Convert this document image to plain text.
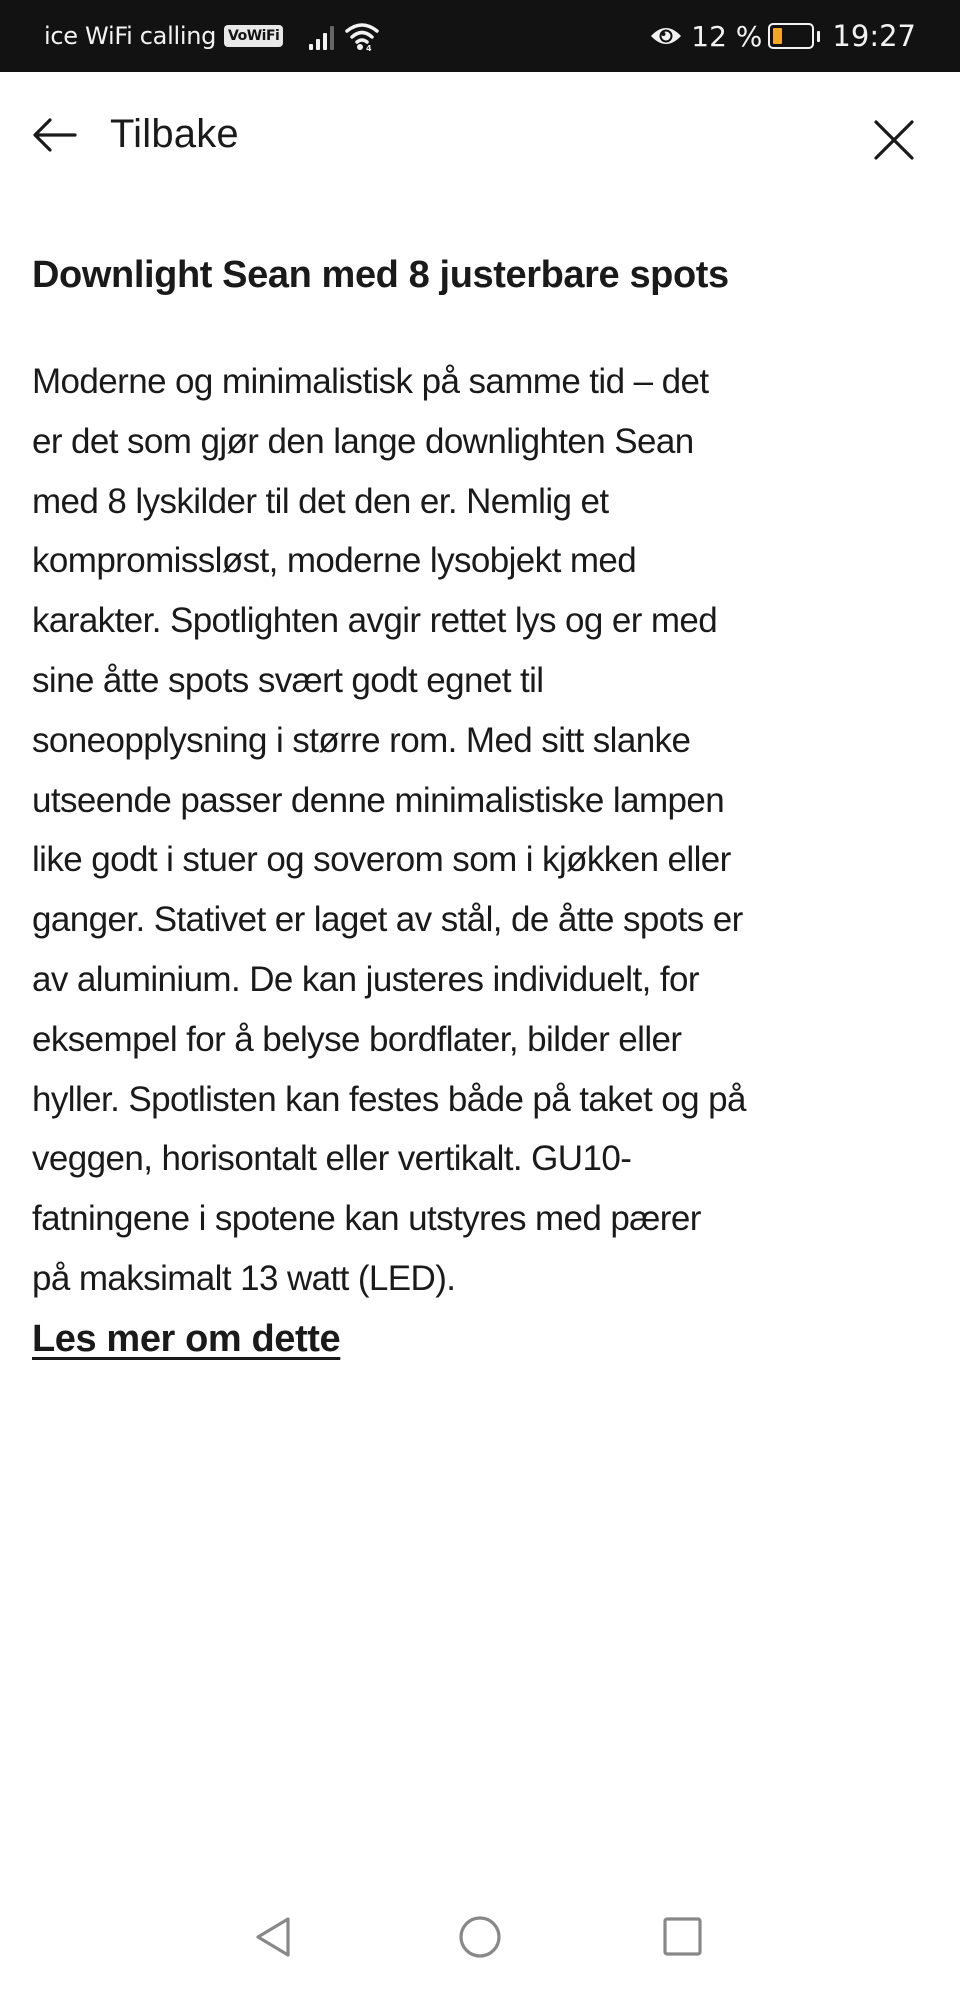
ice WiFi calling VoWiFi
4	12 % 19:27
Tilbake
Downlight Sean med 8 justerbare spots
Moderne og minimalistisk på samme tid – det
er det som gjør den lange downlighten Sean
med 8 lyskilder til det den er. Nemlig et
kompromissløst, moderne lysobjekt med
karakter. Spotlighten avgir rettet lys og er med
sine åtte spots svært godt egnet til
soneopplysning i større rom. Med sitt slanke
utseende passer denne minimalistiske lampen
like godt i stuer og soverom som i kjøkken eller
ganger. Stativet er laget av stål, de åtte spots er
av aluminium. De kan justeres individuelt, for
eksempel for å belyse bordflater, bilder eller
hyller. Spotlisten kan festes både på taket og på
veggen, horisontalt eller vertikalt. GU10-
fatningene i spotene kan utstyres med pærer
på maksimalt 13 watt (LED).
Les mer om dette
